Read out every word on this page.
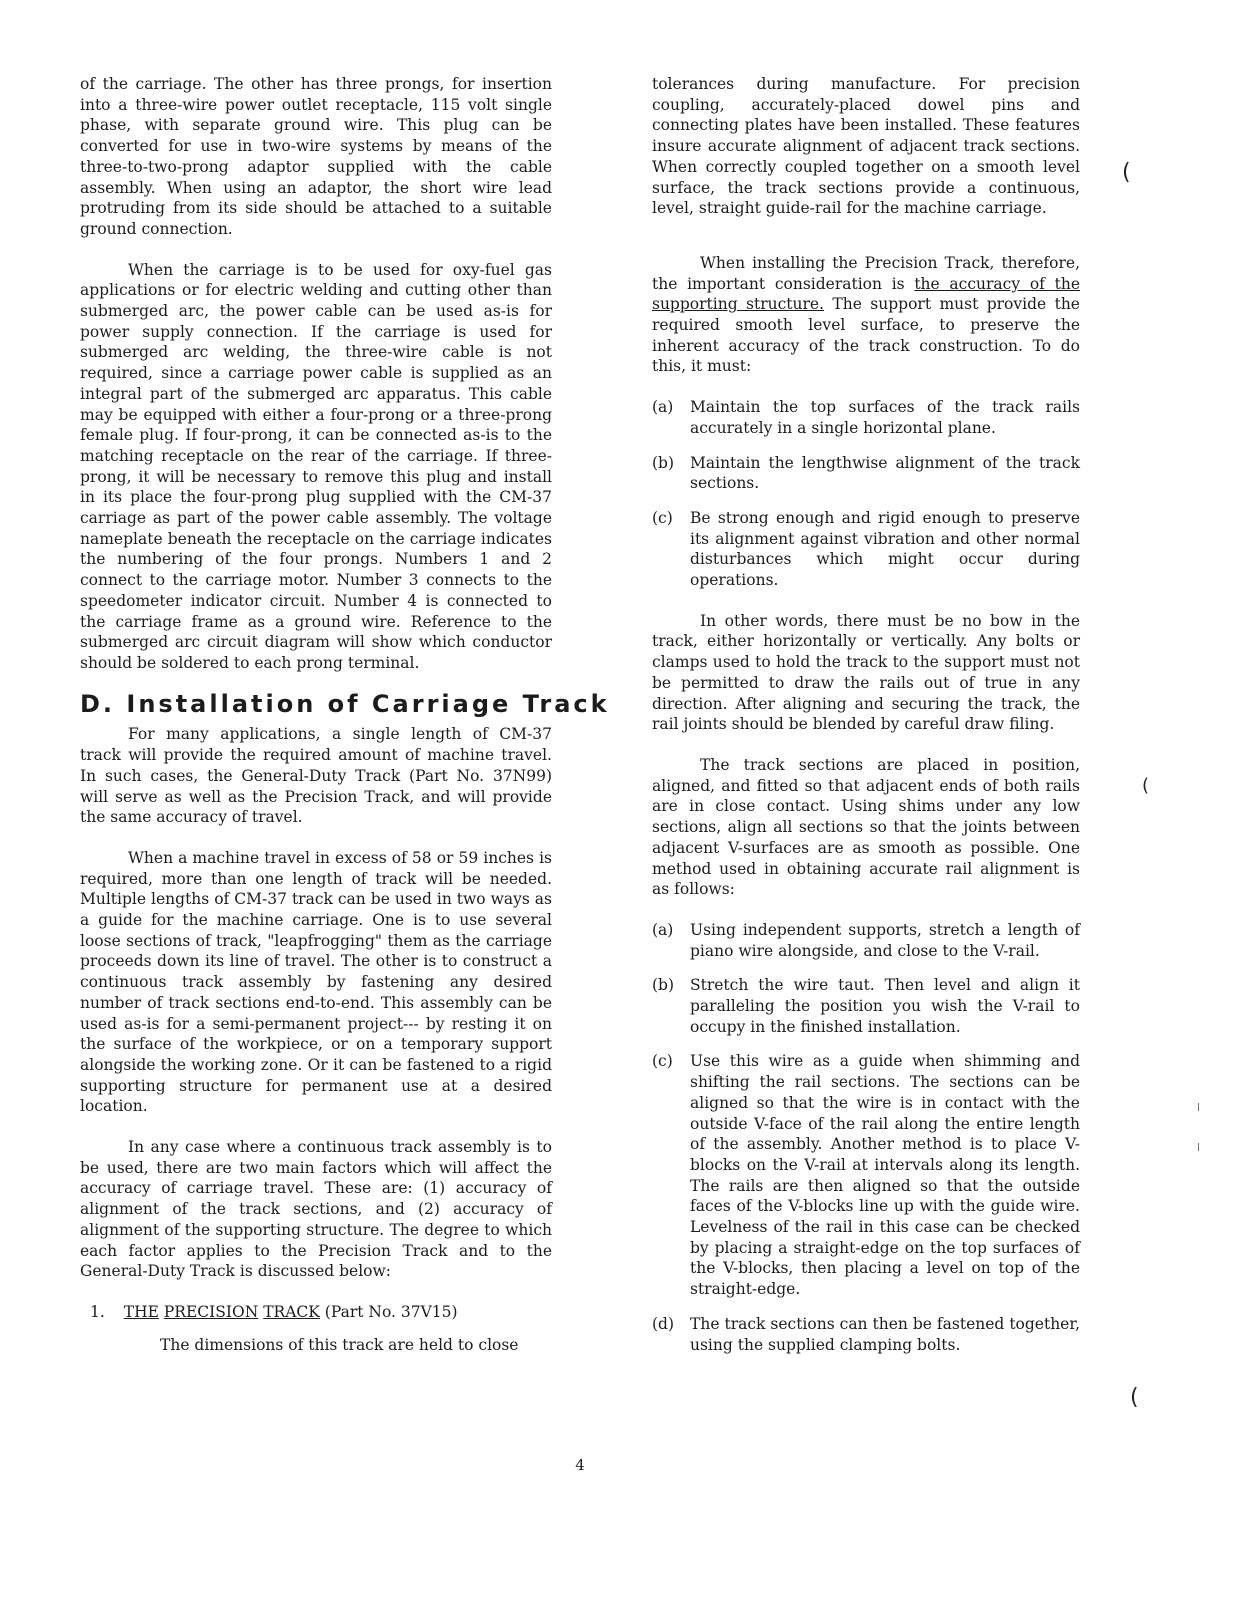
of the carriage. The other has three prongs, for insertion into a three-wire power outlet receptacle, 115 volt single phase, with separate ground wire. This plug can be converted for use in two-wire systems by means of the three-to-two-prong adaptor supplied with the cable assembly. When using an adaptor, the short wire lead protruding from its side should be attached to a suitable ground connection.

When the carriage is to be used for oxy-fuel gas applications or for electric welding and cutting other than submerged arc, the power cable can be used as-is for power supply connection. If the carriage is used for submerged arc welding, the three-wire cable is not required, since a carriage power cable is supplied as an integral part of the submerged arc apparatus. This cable may be equipped with either a four-prong or a three-prong female plug. If four-prong, it can be connected as-is to the matching receptacle on the rear of the carriage. If three-prong, it will be necessary to remove this plug and install in its place the four-prong plug supplied with the CM-37 carriage as part of the power cable assembly. The voltage nameplate beneath the receptacle on the carriage indicates the numbering of the four prongs. Numbers 1 and 2 connect to the carriage motor. Number 3 connects to the speedometer indicator circuit. Number 4 is connected to the carriage frame as a ground wire. Reference to the submerged arc circuit diagram will show which conductor should be soldered to each prong terminal.

D. Installation of Carriage Track

For many applications, a single length of CM-37 track will provide the required amount of machine travel. In such cases, the General-Duty Track (Part No. 37N99) will serve as well as the Precision Track, and will provide the same accuracy of travel.

When a machine travel in excess of 58 or 59 inches is required, more than one length of track will be needed. Multiple lengths of CM-37 track can be used in two ways as a guide for the machine carriage. One is to use several loose sections of track, "leapfrogging" them as the carriage proceeds down its line of travel. The other is to construct a continuous track assembly by fastening any desired number of track sections end-to-end. This assembly can be used as-is for a semi-permanent project--- by resting it on the surface of the workpiece, or on a temporary support alongside the working zone. Or it can be fastened to a rigid supporting structure for permanent use at a desired location.

In any case where a continuous track assembly is to be used, there are two main factors which will affect the accuracy of carriage travel. These are: (1) accuracy of alignment of the track sections, and (2) accuracy of alignment of the supporting structure. The degree to which each factor applies to the Precision Track and to the General-Duty Track is discussed below:

1. THE PRECISION TRACK (Part No. 37V15)
The dimensions of this track are held to close

tolerances during manufacture. For precision coupling, accurately-placed dowel pins and connecting plates have been installed. These features insure accurate alignment of adjacent track sections. When correctly coupled together on a smooth level surface, the track sections provide a continuous, level, straight guide-rail for the machine carriage.

When installing the Precision Track, therefore, the important consideration is the accuracy of the supporting structure. The support must provide the required smooth level surface, to preserve the inherent accuracy of the track construction. To do this, it must:

(a)	Maintain the top surfaces of the track rails accurately in a single horizontal plane.
(b)	Maintain the lengthwise alignment of the track sections.
(c)	Be strong enough and rigid enough to preserve its alignment against vibration and other normal disturbances which might occur during operations.

In other words, there must be no bow in the track, either horizontally or vertically. Any bolts or clamps used to hold the track to the support must not be permitted to draw the rails out of true in any direction. After aligning and securing the track, the rail joints should be blended by careful draw filing.

The track sections are placed in position, aligned, and fitted so that adjacent ends of both rails are in close contact. Using shims under any low sections, align all sections so that the joints between adjacent V-surfaces are as smooth as possible. One method used in obtaining accurate rail alignment is as follows:

(a)	Using independent supports, stretch a length of piano wire alongside, and close to the V-rail.
(b)	Stretch the wire taut. Then level and align it paralleling the position you wish the V-rail to occupy in the finished installation.
(c)	Use this wire as a guide when shimming and shifting the rail sections. The sections can be aligned so that the wire is in contact with the outside V-face of the rail along the entire length of the assembly. Another method is to place V-blocks on the V-rail at intervals along its length. The rails are then aligned so that the outside faces of the V-blocks line up with the guide wire. Levelness of the rail in this case can be checked by placing a straight-edge on the top surfaces of the V-blocks, then placing a level on top of the straight-edge.
(d)	The track sections can then be fastened together, using the supplied clamping bolts.
4
(
(
(
